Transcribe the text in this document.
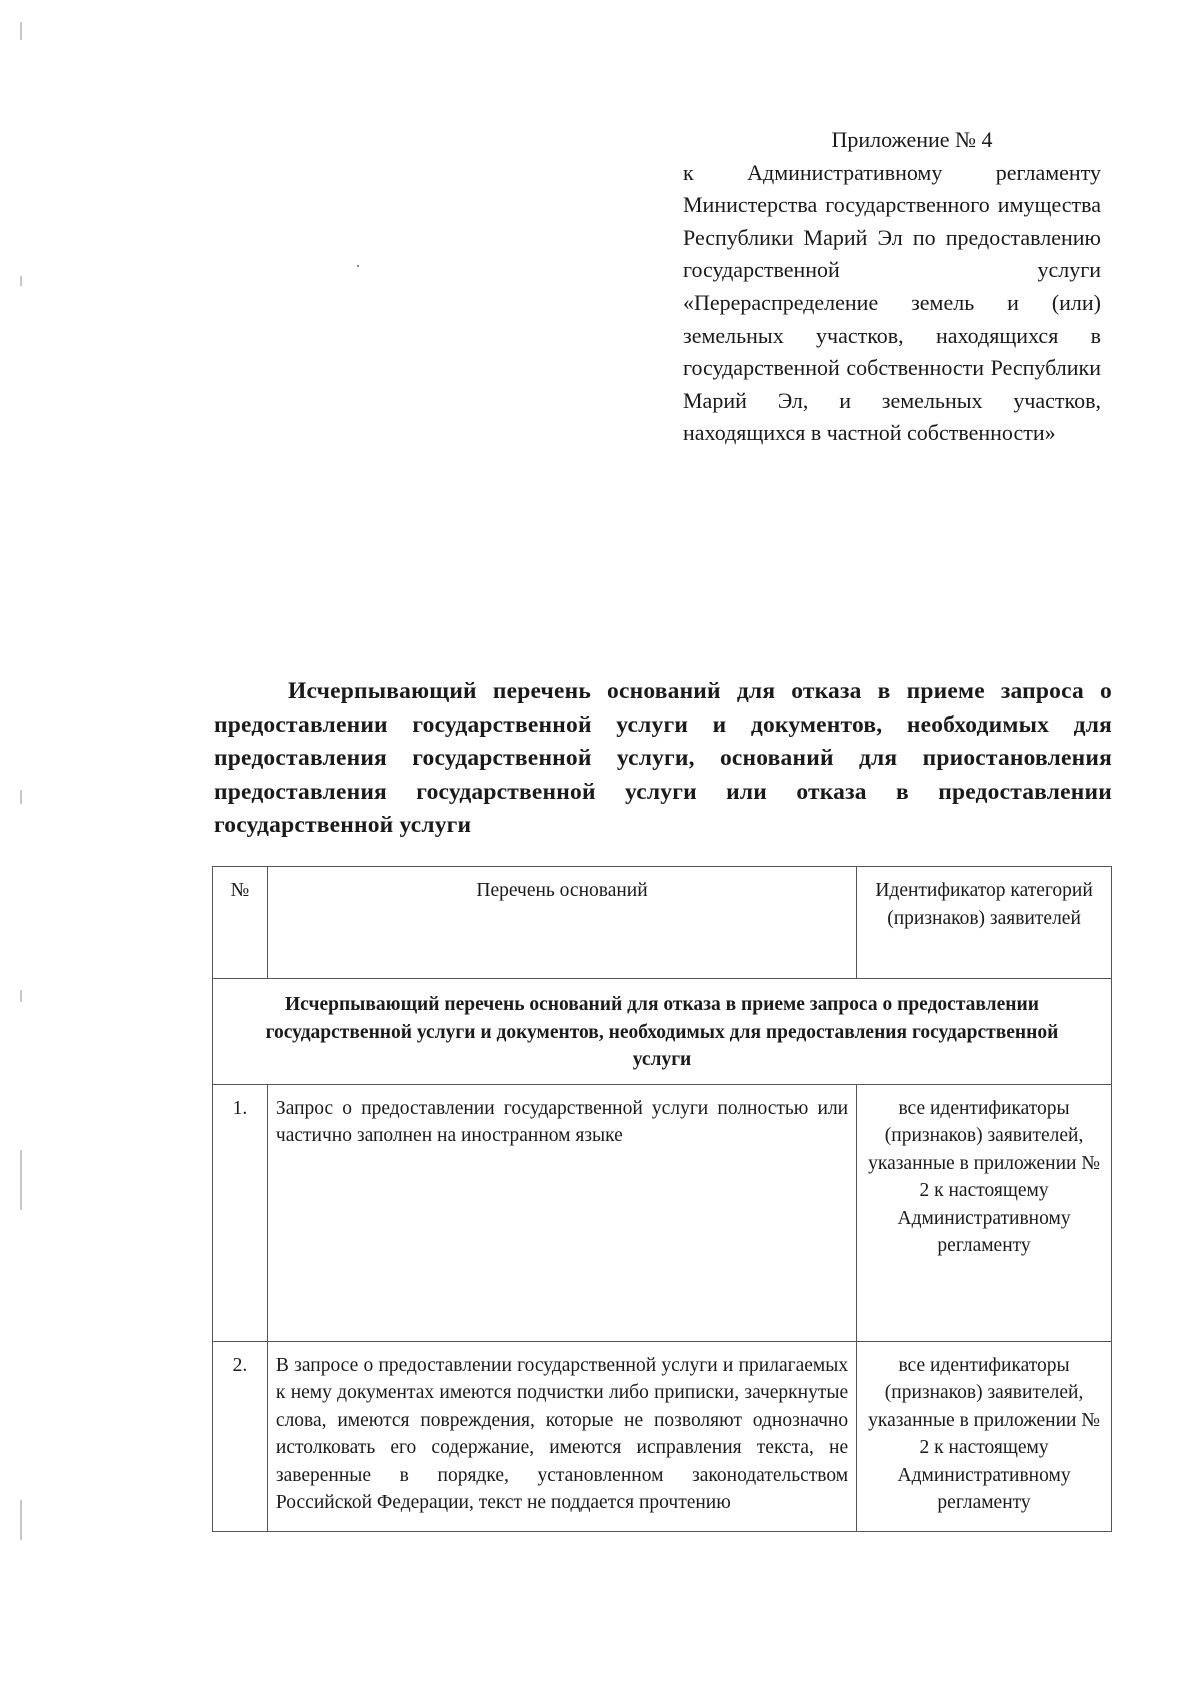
Приложение № 4
к Административному регламенту Министерства государственного имущества Республики Марий Эл по предоставлению государственной услуги «Перераспределение земель и (или) земельных участков, находящихся в государственной собственности Республики Марий Эл, и земельных участков, находящихся в частной собственности»
Исчерпывающий перечень оснований для отказа в приеме запроса о предоставлении государственной услуги и документов, необходимых для предоставления государственной услуги, оснований для приостановления предоставления государственной услуги или отказа в предоставлении государственной услуги
№	Перечень оснований	Идентификатор категорий (признаков) заявителей
Исчерпывающий перечень оснований для отказа в приеме запроса о предоставлении государственной услуги и документов, необходимых для предоставления государственной услуги		
1.	Запрос о предоставлении государственной услуги полностью или частично заполнен на иностранном языке	все идентификаторы (признаков) заявителей, указанные в приложении № 2 к настоящему Административному регламенту
2.	В запросе о предоставлении государственной услуги и прилагаемых к нему документах имеются подчистки либо приписки, зачеркнутые слова, имеются повреждения, которые не позволяют однозначно истолковать его содержание, имеются исправления текста, не заверенные в порядке, установленном законодательством Российской Федерации, текст не поддается прочтению	все идентификаторы (признаков) заявителей, указанные в приложении № 2 к настоящему Административному регламенту
